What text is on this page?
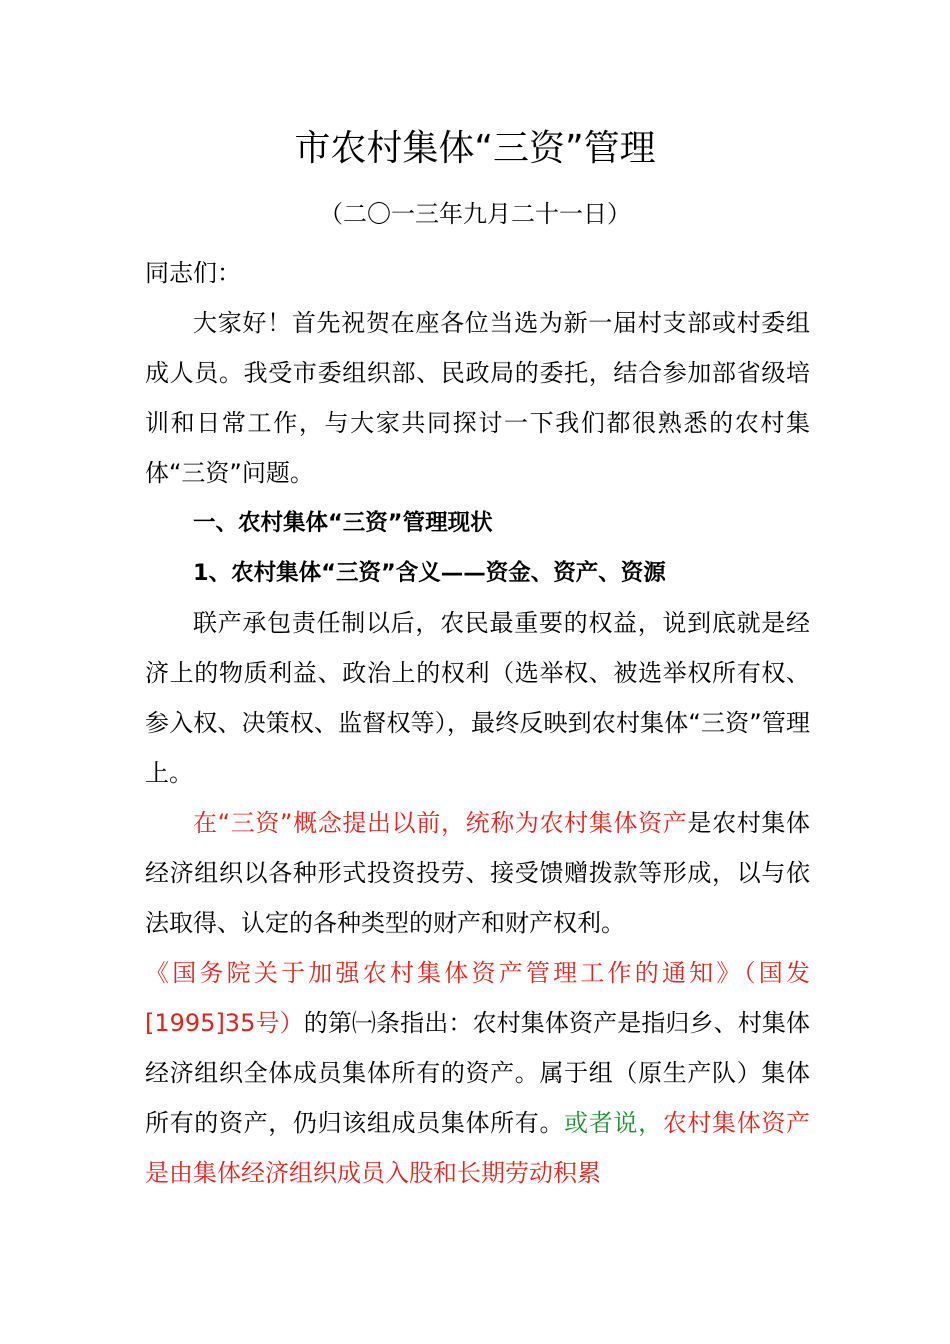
市农村集体“三资”管理
（二〇一三年九月二十一日）

同志们：

大家好！首先祝贺在座各位当选为新一届村支部或村委组成人员。我受市委组织部、民政局的委托，结合参加部省级培训和日常工作，与大家共同探讨一下我们都很熟悉的农村集体“三资”问题。

一、农村集体“三资”管理现状

1、农村集体“三资”含义——资金、资产、资源

联产承包责任制以后，农民最重要的权益，说到底就是经济上的物质利益、政治上的权利（选举权、被选举权所有权、参入权、决策权、监督权等），最终反映到农村集体“三资”管理上。

在“三资”概念提出以前，统称为农村集体资产是农村集体经济组织以各种形式投资投劳、接受馈赠拨款等形成，以与依法取得、认定的各种类型的财产和财产权利。

《国务院关于加强农村集体资产管理工作的通知》（国发[1995]35号）的第㈠条指出：农村集体资产是指归乡、村集体经济组织全体成员集体所有的资产。属于组（原生产队）集体所有的资产，仍归该组成员集体所有。或者说，农村集体资产是由集体经济组织成员入股和长期劳动积累
